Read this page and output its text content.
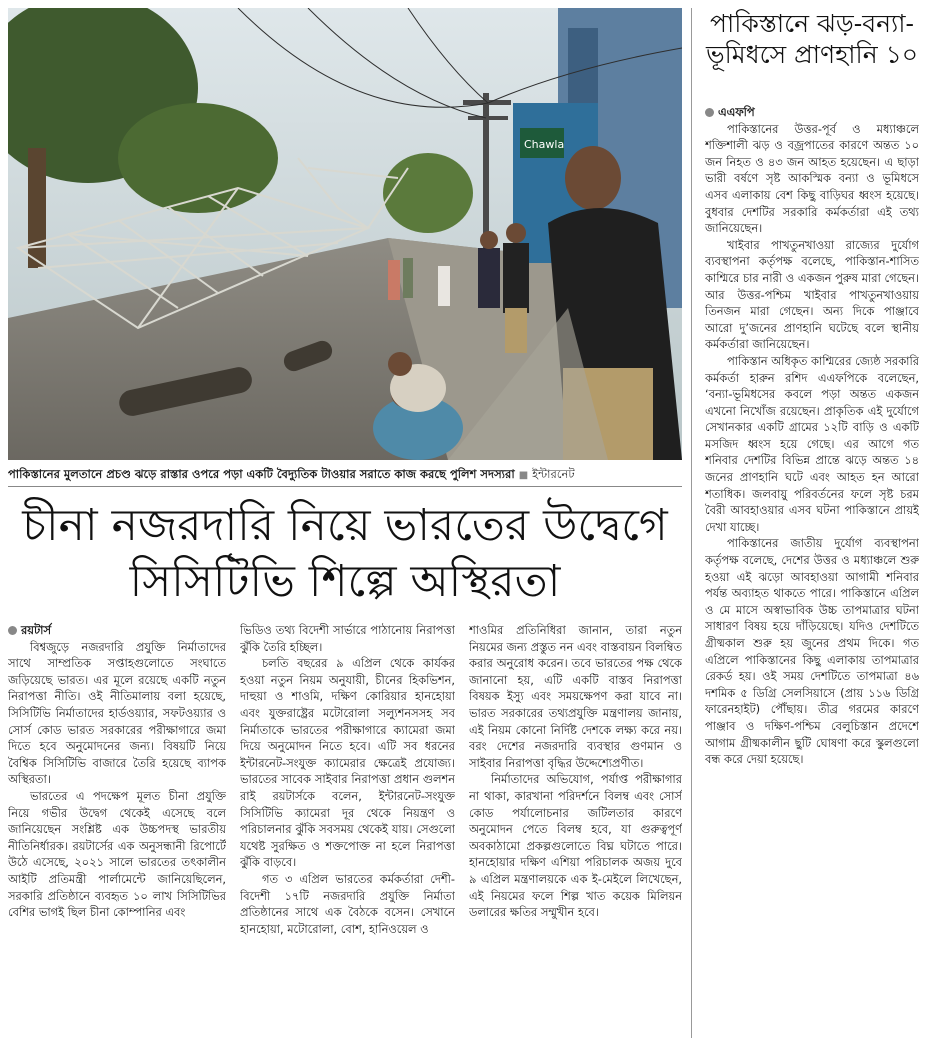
Chawla
পাকিস্তানের মুলতানে প্রচণ্ড ঝড়ে রাস্তার ওপরে পড়া একটি বৈদ্যুতিক টাওয়ার সরাতে কাজ করছে পুলিশ সদস্যরা ■ ইন্টারনেট
চীনা নজরদারি নিয়ে ভারতের উদ্বেগে
সিসিটিভি শিল্পে অস্থিরতা
রয়টার্স

বিশ্বজুড়ে নজরদারি প্রযুক্তি নির্মাতাদের সাথে সাম্প্রতিক সপ্তাহগুলোতে সংঘাতে জড়িয়েছে ভারত। এর মূলে রয়েছে একটি নতুন নিরাপত্তা নীতি। ওই নীতিমালায় বলা হয়েছে, সিসিটিভি নির্মাতাদের হার্ডওয়্যার, সফটওয়্যার ও সোর্স কোড ভারত সরকারের পরীক্ষাগারে জমা দিতে হবে অনুমোদনের জন্য। বিষয়টি নিয়ে বৈশ্বিক সিসিটিভি বাজারে তৈরি হয়েছে ব্যাপক অস্থিরতা।

ভারতের এ পদক্ষেপ মূলত চীনা প্রযুক্তি নিয়ে গভীর উদ্বেগ থেকেই এসেছে বলে জানিয়েছেন সংশ্লিষ্ট এক উচ্চপদস্থ ভারতীয় নীতিনির্ধারক। রয়টার্সের এক অনুসন্ধানী রিপোর্টে উঠে এসেছে, ২০২১ সালে ভারতের তৎকালীন আইটি প্রতিমন্ত্রী পার্লামেন্টে জানিয়েছিলেন, সরকারি প্রতিষ্ঠানে ব্যবহৃত ১০ লাখ সিসিটিভির বেশির ভাগই ছিল চীনা কোম্পানির এবং

ভিডিও তথ্য বিদেশী সার্ভারে পাঠানোয় নিরাপত্তা ঝুঁকি তৈরি হচ্ছিল।

চলতি বছরের ৯ এপ্রিল থেকে কার্যকর হওয়া নতুন নিয়ম অনুযায়ী, চীনের হিকভিশন, দাহুয়া ও শাওমি, দক্ষিণ কোরিয়ার হানহোয়া এবং যুক্তরাষ্ট্রের মটোরোলা সল্যুশনসসহ সব নির্মাতাকে ভারতের পরীক্ষাগারে ক্যামেরা জমা দিয়ে অনুমোদন নিতে হবে। এটি সব ধরনের ইন্টারনেট-সংযুক্ত ক্যামেরার ক্ষেত্রেই প্রযোজ্য। ভারতের সাবেক সাইবার নিরাপত্তা প্রধান গুলশন রাই রয়টার্সকে বলেন, ইন্টারনেট-সংযুক্ত সিসিটিভি ক্যামেরা দূর থেকে নিয়ন্ত্রণ ও পরিচালনার ঝুঁকি সবসময় থেকেই যায়। সেগুলো যথেষ্ট সুরক্ষিত ও শক্তপোক্ত না হলে নিরাপত্তা ঝুঁকি বাড়বে।

গত ৩ এপ্রিল ভারতের কর্মকর্তারা দেশী-বিদেশী ১৭টি নজরদারি প্রযুক্তি নির্মাতা প্রতিষ্ঠানের সাথে এক বৈঠকে বসেন। সেখানে হানহোয়া, মটোরোলা, বোশ, হানিওয়েল ও

শাওমির প্রতিনিধিরা জানান, তারা নতুন নিয়মের জন্য প্রস্তুত নন এবং বাস্তবায়ন বিলম্বিত করার অনুরোধ করেন। তবে ভারতের পক্ষ থেকে জানানো হয়, এটি একটি বাস্তব নিরাপত্তা বিষয়ক ইস্যু এবং সময়ক্ষেপণ করা যাবে না। ভারত সরকারের তথ্যপ্রযুক্তি মন্ত্রণালয় জানায়, এই নিয়ম কোনো নির্দিষ্ট দেশকে লক্ষ্য করে নয়। বরং দেশের নজরদারি ব্যবস্থার গুণমান ও সাইবার নিরাপত্তা বৃদ্ধির উদ্দেশ্যেপ্রণীত।

নির্মাতাদের অভিযোগ, পর্যাপ্ত পরীক্ষাগার না থাকা, কারখানা পরিদর্শনে বিলম্ব এবং সোর্স কোড পর্যালোচনার জটিলতার কারণে অনুমোদন পেতে বিলম্ব হবে, যা গুরুত্বপূর্ণ অবকাঠামো প্রকল্পগুলোতে বিঘ্ন ঘটাতে পারে। হানহোয়ার দক্ষিণ এশিয়া পরিচালক অজয় দুবে ৯ এপ্রিল মন্ত্রণালয়কে এক ই-মেইলে লিখেছেন, এই নিয়মের ফলে শিল্প খাত কয়েক মিলিয়ন ডলারের ক্ষতির সম্মুখীন হবে।

পাকিস্তানে ঝড়-বন্যা-ভূমিধসে প্রাণহানি ১০
এএফপি

পাকিস্তানের উত্তর-পূর্ব ও মধ্যাঞ্চলে শক্তিশালী ঝড় ও বজ্রপাতের কারণে অন্তত ১০ জন নিহত ও ৪৩ জন আহত হয়েছেন। এ ছাড়া ভারী বর্ষণে সৃষ্ট আকস্মিক বন্যা ও ভূমিধসে এসব এলাকায় বেশ কিছু বাড়িঘর ধ্বংস হয়েছে। বুধবার দেশটির সরকারি কর্মকর্তারা এই তথ্য জানিয়েছেন।

খাইবার পাখতুনখাওয়া রাজ্যের দুর্যোগ ব্যবস্থাপনা কর্তৃপক্ষ বলেছে, পাকিস্তান-শাসিত কাশ্মিরে চার নারী ও একজন পুরুষ মারা গেছেন। আর উত্তর-পশ্চিম খাইবার পাখতুনখাওয়ায় তিনজন মারা গেছেন। অন্য দিকে পাঞ্জাবে আরো দু’জনের প্রাণহানি ঘটেছে বলে স্থানীয় কর্মকর্তারা জানিয়েছেন।

পাকিস্তান অধিকৃত কাশ্মিরের জ্যেষ্ঠ সরকারি কর্মকর্তা হারুন রশিদ এএফপিকে বলেছেন, ‘বন্যা-ভূমিধসের কবলে পড়া অন্তত একজন এখনো নিখোঁজ রয়েছেন। প্রাকৃতিক এই দুর্যোগে সেখানকার একটি গ্রামের ১২টি বাড়ি ও একটি মসজিদ ধ্বংস হয়ে গেছে। এর আগে গত শনিবার দেশটির বিভিন্ন প্রান্তে ঝড়ে অন্তত ১৪ জনের প্রাণহানি ঘটে এবং আহত হন আরো শতাধিক। জলবায়ু পরিবর্তনের ফলে সৃষ্ট চরম বৈরী আবহাওয়ার এসব ঘটনা পাকিস্তানে প্রায়ই দেখা যাচ্ছে।

পাকিস্তানের জাতীয় দুর্যোগ ব্যবস্থাপনা কর্তৃপক্ষ বলেছে, দেশের উত্তর ও মধ্যাঞ্চলে শুরু হওয়া এই ঝড়ো আবহাওয়া আগামী শনিবার পর্যন্ত অব্যাহত থাকতে পারে। পাকিস্তানে এপ্রিল ও মে মাসে অস্বাভাবিক উচ্চ তাপমাত্রার ঘটনা সাধারণ বিষয় হয়ে দাঁড়িয়েছে। যদিও দেশটিতে গ্রীষ্মকাল শুরু হয় জুনের প্রথম দিকে। গত এপ্রিলে পাকিস্তানের কিছু এলাকায় তাপমাত্রার রেকর্ড হয়। ওই সময় দেশটিতে তাপমাত্রা ৪৬ দশমিক ৫ ডিগ্রি সেলসিয়াসে (প্রায় ১১৬ ডিগ্রি ফারেনহাইট) পৌঁছায়। তীব্র গরমের কারণে পাঞ্জাব ও দক্ষিণ-পশ্চিম বেলুচিস্তান প্রদেশে আগাম গ্রীষ্মকালীন ছুটি ঘোষণা করে স্কুলগুলো বন্ধ করে দেয়া হয়েছে।
